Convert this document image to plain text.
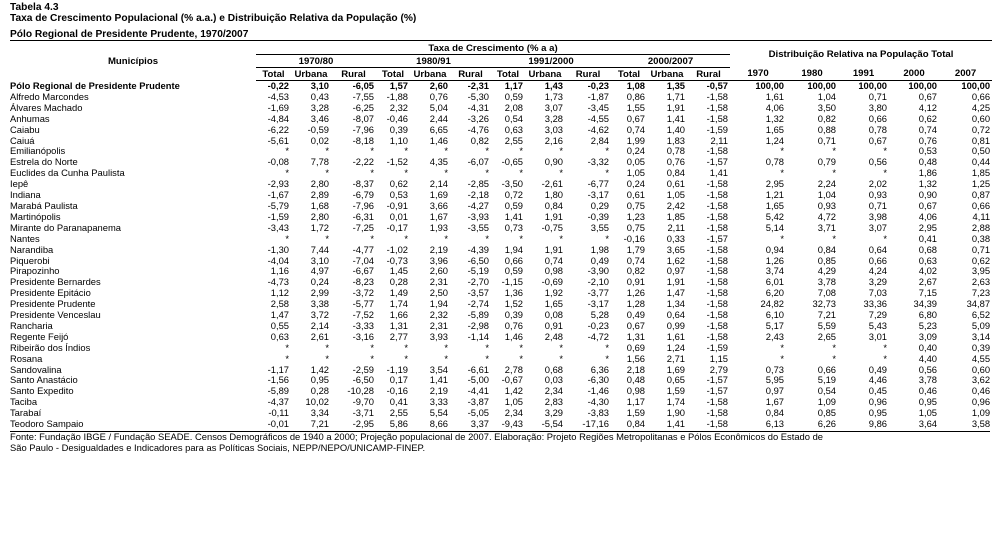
Tabela 4.3
Taxa de Crescimento Populacional (% a.a.) e Distribuição Relativa da População (%)
Pólo Regional de Presidente Prudente, 1970/2007
Municípios	Taxa de Crescimento (% a a)												Distribuição Relativa na População Total				
	1970/80			1980/91			1991/2000			2000/2007							
	Total	Urbana	Rural	Total	Urbana	Rural	Total	Urbana	Rural	Total	Urbana	Rural	1970	1980	1991	2000	2007
Pólo Regional de Presidente Prudente	-0,22	3,10	-6,05	1,57	2,60	-2,31	1,17	1,43	-0,23	1,08	1,35	-0,57	100,00	100,00	100,00	100,00	100,00
Alfredo Marcondes	-4,53	0,43	-7,55	-1,88	0,76	-5,30	0,59	1,73	-1,87	0,86	1,71	-1,58	1,61	1,04	0,71	0,67	0,66
Álvares Machado	-1,69	3,28	-6,25	2,32	5,04	-4,31	2,08	3,07	-3,45	1,55	1,91	-1,58	4,06	3,50	3,80	4,12	4,25
Anhumas	-4,84	3,46	-8,07	-0,46	2,44	-3,26	0,54	3,28	-4,55	0,67	1,41	-1,58	1,32	0,82	0,66	0,62	0,60
Caiabu	-6,22	-0,59	-7,96	0,39	6,65	-4,76	0,63	3,03	-4,62	0,74	1,40	-1,59	1,65	0,88	0,78	0,74	0,72
Caiuá	-5,61	0,02	-8,18	1,10	1,46	0,82	2,55	2,16	2,84	1,99	1,83	2,11	1,24	0,71	0,67	0,76	0,81
Emilianópolis	*	*	*	*	*	*	*	*	*	0,24	0,78	-1,58	*	*	*	0,53	0,50
Estrela do Norte	-0,08	7,78	-2,22	-1,52	4,35	-6,07	-0,65	0,90	-3,32	0,05	0,76	-1,57	0,78	0,79	0,56	0,48	0,44
Euclides da Cunha Paulista	*	*	*	*	*	*	*	*	*	1,05	0,84	1,41	*	*	*	1,86	1,85
Iepê	-2,93	2,80	-8,37	0,62	2,14	-2,85	-3,50	-2,61	-6,77	0,24	0,61	-1,58	2,95	2,24	2,02	1,32	1,25
Indiana	-1,67	2,89	-6,79	0,53	1,69	-2,18	0,72	1,80	-3,17	0,61	1,05	-1,58	1,21	1,04	0,93	0,90	0,87
Marabá Paulista	-5,79	1,68	-7,96	-0,91	3,66	-4,27	0,59	0,84	0,29	0,75	2,42	-1,58	1,65	0,93	0,71	0,67	0,66
Martinópolis	-1,59	2,80	-6,31	0,01	1,67	-3,93	1,41	1,91	-0,39	1,23	1,85	-1,58	5,42	4,72	3,98	4,06	4,11
Mirante do Paranapanema	-3,43	1,72	-7,25	-0,17	1,93	-3,55	0,73	-0,75	3,55	0,75	2,11	-1,58	5,14	3,71	3,07	2,95	2,88
Nantes	*	*	*	*	*	*	*	*	*	-0,16	0,33	-1,57	*	*	*	0,41	0,38
Narandiba	-1,30	7,44	-4,77	-1,02	2,19	-4,39	1,94	1,91	1,98	1,79	3,65	-1,58	0,94	0,84	0,64	0,68	0,71
Piquerobi	-4,04	3,10	-7,04	-0,73	3,96	-6,50	0,66	0,74	0,49	0,74	1,62	-1,58	1,26	0,85	0,66	0,63	0,62
Pirapozinho	1,16	4,97	-6,67	1,45	2,60	-5,19	0,59	0,98	-3,90	0,82	0,97	-1,58	3,74	4,29	4,24	4,02	3,95
Presidente Bernardes	-4,73	0,24	-8,23	0,28	2,31	-2,70	-1,15	-0,69	-2,10	0,91	1,91	-1,58	6,01	3,78	3,29	2,67	2,63
Presidente Epitácio	1,12	2,99	-3,72	1,49	2,50	-3,57	1,36	1,92	-3,77	1,26	1,47	-1,58	6,20	7,08	7,03	7,15	7,23
Presidente Prudente	2,58	3,38	-5,77	1,74	1,94	-2,74	1,52	1,65	-3,17	1,28	1,34	-1,58	24,82	32,73	33,36	34,39	34,87
Presidente Venceslau	1,47	3,72	-7,52	1,66	2,32	-5,89	0,39	0,08	5,28	0,49	0,64	-1,58	6,10	7,21	7,29	6,80	6,52
Rancharia	0,55	2,14	-3,33	1,31	2,31	-2,98	0,76	0,91	-0,23	0,67	0,99	-1,58	5,17	5,59	5,43	5,23	5,09
Regente Feijó	0,63	2,61	-3,16	2,77	3,93	-1,14	1,46	2,48	-4,72	1,31	1,61	-1,58	2,43	2,65	3,01	3,09	3,14
Ribeirão dos Índios	*	*	*	*	*	*	*	*	*	0,69	1,24	-1,59	*	*	*	0,40	0,39
Rosana	*	*	*	*	*	*	*	*	*	1,56	2,71	1,15	*	*	*	4,40	4,55
Sandovalina	-1,17	1,42	-2,59	-1,19	3,54	-6,61	2,78	0,68	6,36	2,18	1,69	2,79	0,73	0,66	0,49	0,56	0,60
Santo Anastácio	-1,56	0,95	-6,50	0,17	1,41	-5,00	-0,67	0,03	-6,30	0,48	0,65	-1,57	5,95	5,19	4,46	3,78	3,62
Santo Expedito	-5,89	0,28	-10,28	-0,16	2,19	-4,41	1,42	2,34	-1,46	0,98	1,59	-1,57	0,97	0,54	0,45	0,46	0,46
Taciba	-4,37	10,02	-9,70	0,41	3,33	-3,87	1,05	2,83	-4,30	1,17	1,74	-1,58	1,67	1,09	0,96	0,95	0,96
Tarabaí	-0,11	3,34	-3,71	2,55	5,54	-5,05	2,34	3,29	-3,83	1,59	1,90	-1,58	0,84	0,85	0,95	1,05	1,09
Teodoro Sampaio	-0,01	7,21	-2,95	5,86	8,66	3,37	-9,43	-5,54	-17,16	0,84	1,41	-1,58	6,13	6,26	9,86	3,64	3,58
Fonte: Fundação IBGE / Fundação SEADE. Censos Demográficos de 1940 a 2000; Projeção populacional de 2007. Elaboração: Projeto Regiões Metropolitanas e Pólos Econômicos do Estado de
São Paulo - Desigualdades e Indicadores para as Políticas Sociais, NEPP/NEPO/UNICAMP-FINEP.
